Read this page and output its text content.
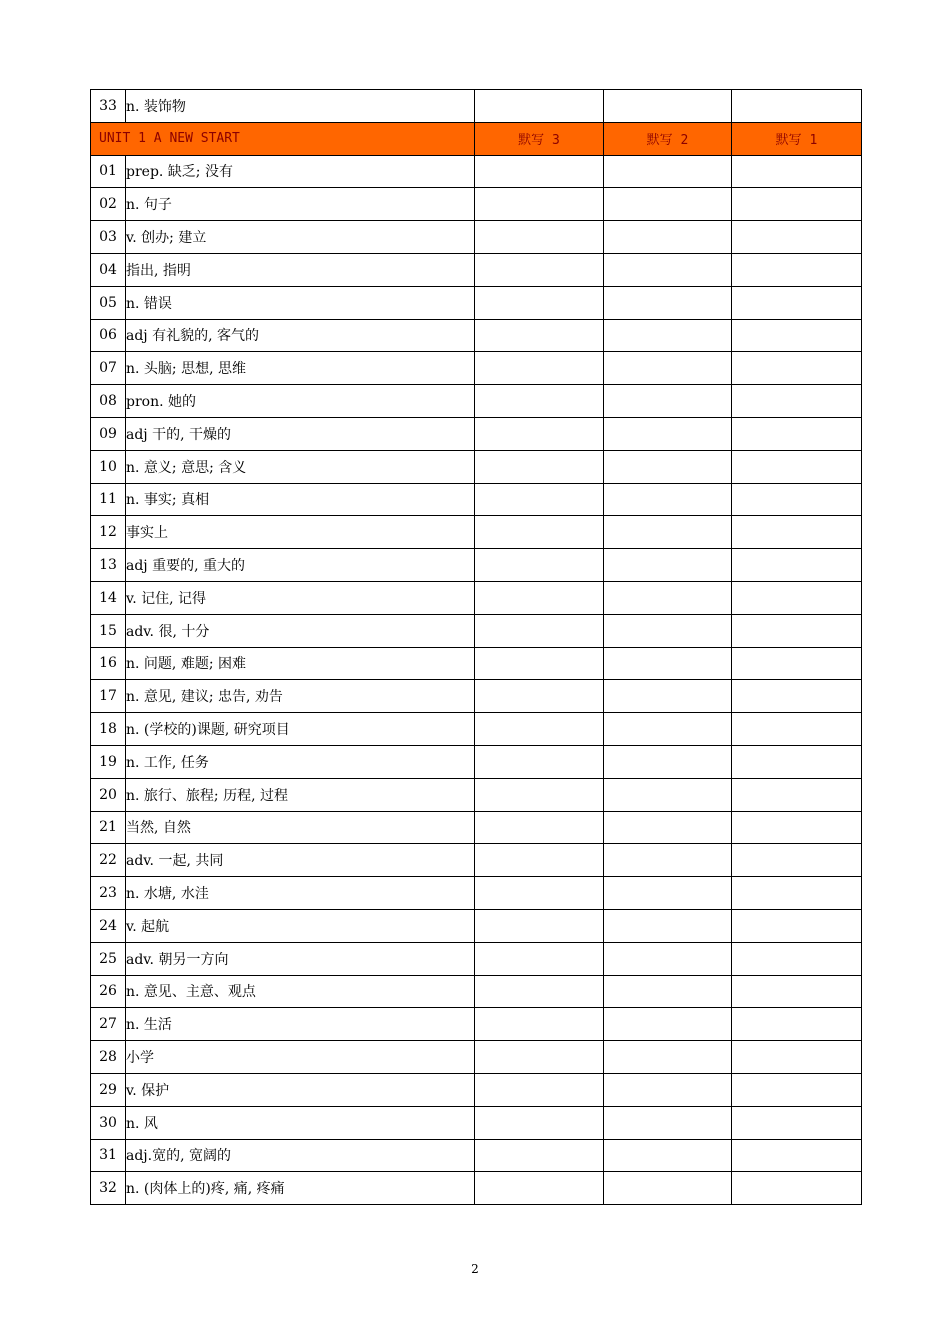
33	n. 装饰物			
UNIT 1 A NEW START		默写 3	默写 2	默写 1
01	prep. 缺乏; 没有			
02	n. 句子			
03	v. 创办; 建立			
04	指出, 指明			
05	n. 错误			
06	adj 有礼貌的, 客气的			
07	n. 头脑; 思想, 思维			
08	pron. 她的			
09	adj 干的, 干燥的			
10	n. 意义; 意思; 含义			
11	n. 事实; 真相			
12	事实上			
13	adj 重要的, 重大的			
14	v. 记住, 记得			
15	adv. 很, 十分			
16	n. 问题, 难题; 困难			
17	n. 意见, 建议; 忠告, 劝告			
18	n. (学校的)课题, 研究项目			
19	n. 工作, 任务			
20	n. 旅行、旅程; 历程, 过程			
21	当然, 自然			
22	adv. 一起, 共同			
23	n. 水塘, 水洼			
24	v. 起航			
25	adv. 朝另一方向			
26	n. 意见、主意、观点			
27	n. 生活			
28	小学			
29	v. 保护			
30	n. 风			
31	adj.宽的, 宽阔的			
32	n. (肉体上的)疼, 痛, 疼痛			
2
